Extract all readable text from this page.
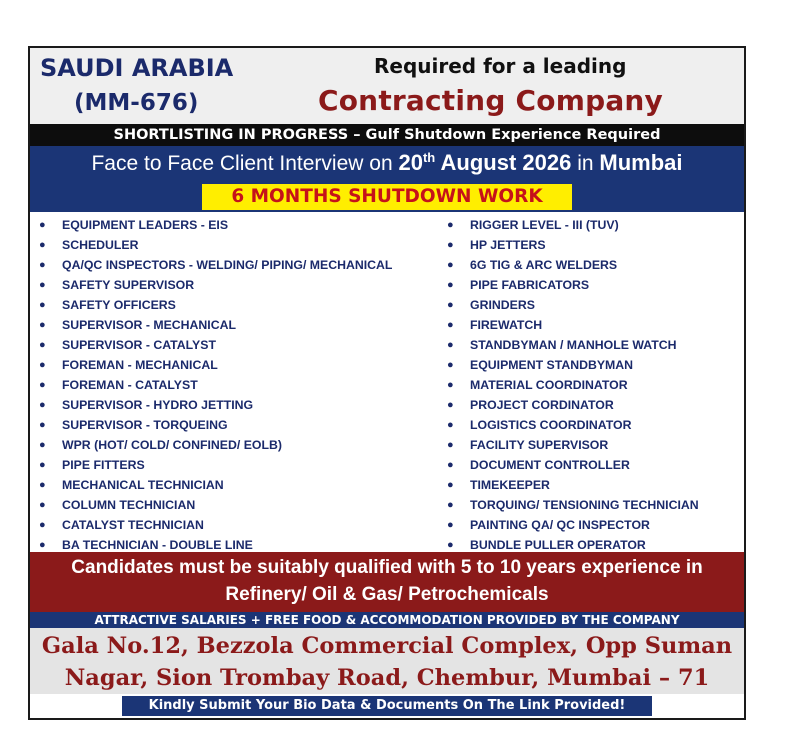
SAUDI ARABIA
(MM-676)
Required for a leading
Contracting Company
SHORTLISTING IN PROGRESS – Gulf Shutdown Experience Required
Face to Face Client Interview on 20th August 2026 in Mumbai
6 MONTHS SHUTDOWN WORK
● EQUIPMENT LEADERS - EIS
● SCHEDULER
● QA/QC INSPECTORS - WELDING/ PIPING/ MECHANICAL
● SAFETY SUPERVISOR
● SAFETY OFFICERS
● SUPERVISOR - MECHANICAL
● SUPERVISOR - CATALYST
● FOREMAN - MECHANICAL
● FOREMAN - CATALYST
● SUPERVISOR - HYDRO JETTING
● SUPERVISOR - TORQUEING
● WPR (HOT/ COLD/ CONFINED/ EOLB)
● PIPE FITTERS
● MECHANICAL TECHNICIAN
● COLUMN TECHNICIAN
● CATALYST TECHNICIAN
● BA TECHNICIAN - DOUBLE LINE
● RIGGER LEVEL - III (TUV)
● HP JETTERS
● 6G TIG & ARC WELDERS
● PIPE FABRICATORS
● GRINDERS
● FIREWATCH
● STANDBYMAN / MANHOLE WATCH
● EQUIPMENT STANDBYMAN
● MATERIAL COORDINATOR
● PROJECT CORDINATOR
● LOGISTICS COORDINATOR
● FACILITY SUPERVISOR
● DOCUMENT CONTROLLER
● TIMEKEEPER
● TORQUING/ TENSIONING TECHNICIAN
● PAINTING QA/ QC INSPECTOR
● BUNDLE PULLER OPERATOR
Candidates must be suitably qualified with 5 to 10 years experience in
Refinery/ Oil & Gas/ Petrochemicals
ATTRACTIVE SALARIES + FREE FOOD & ACCOMMODATION PROVIDED BY THE COMPANY
Gala No.12, Bezzola Commercial Complex, Opp Suman
Nagar, Sion Trombay Road, Chembur, Mumbai – 71
Kindly Submit Your Bio Data & Documents On The Link Provided!
